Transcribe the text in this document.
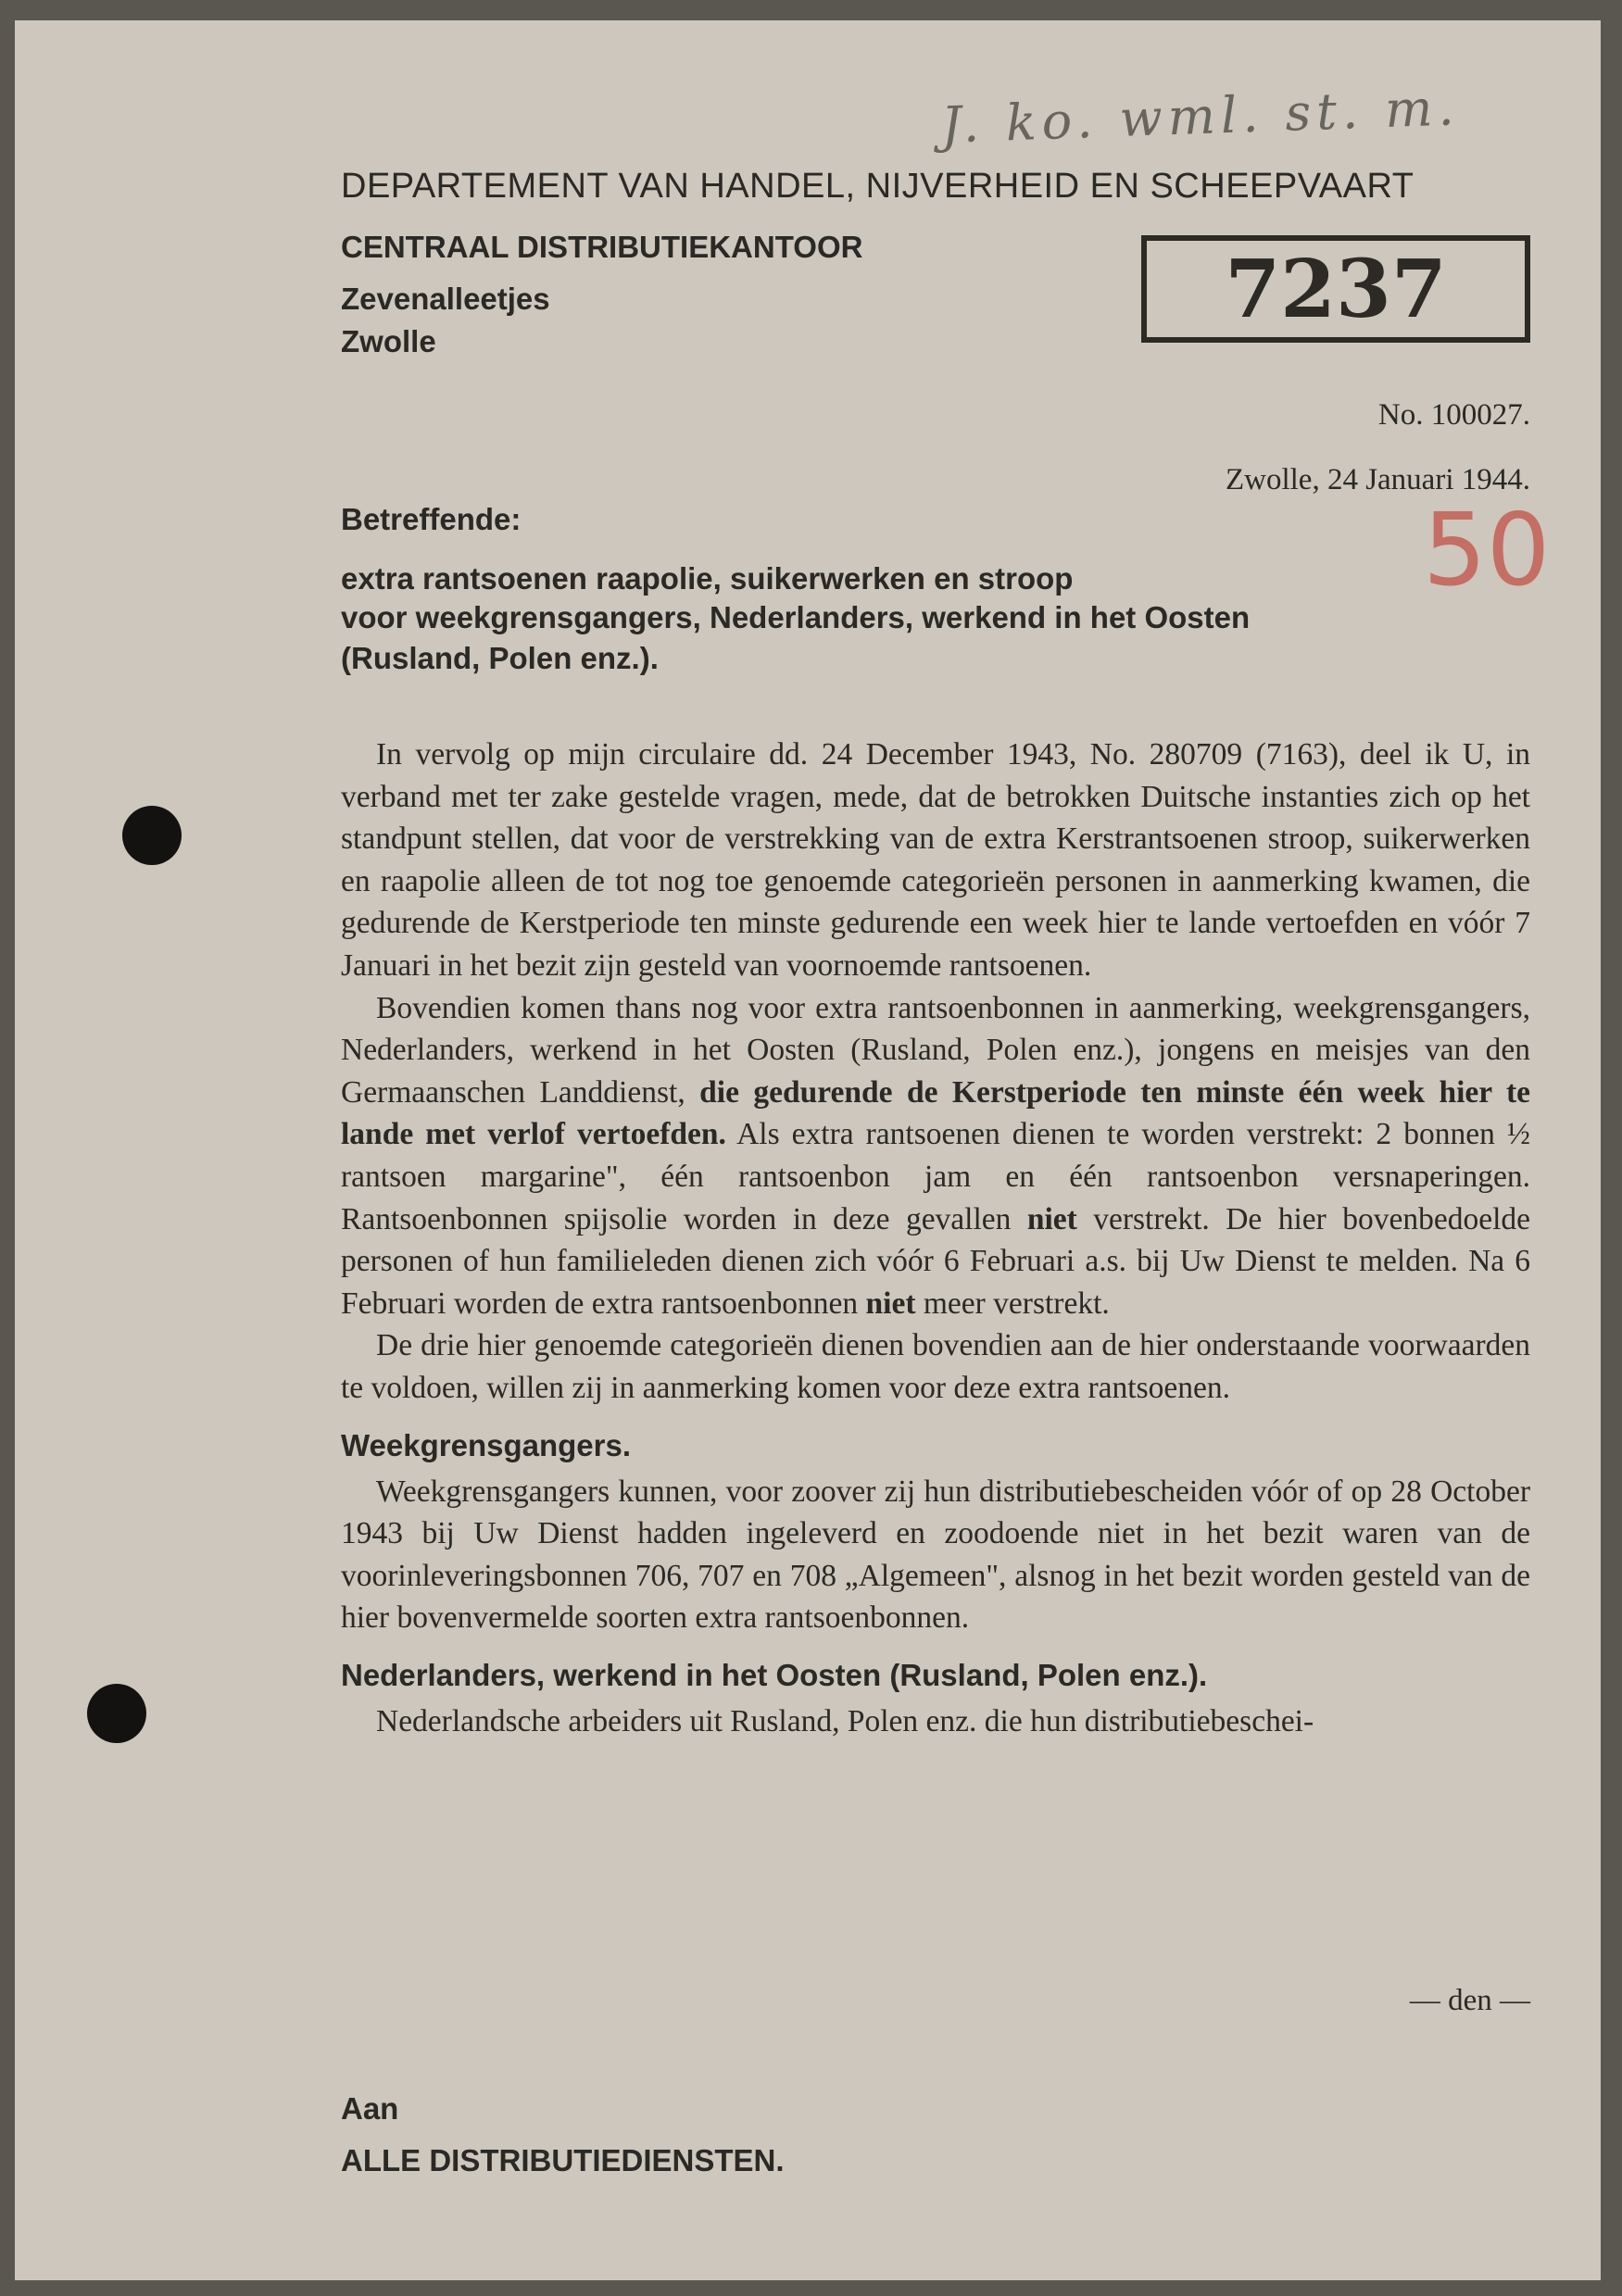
J. ko. wml. st. m.
DEPARTEMENT VAN HANDEL, NIJVERHEID EN SCHEEPVAART
CENTRAAL DISTRIBUTIEKANTOOR
Zevenalleetjes
Zwolle
7237
No. 100027.
Zwolle, 24 Januari 1944.
50
Betreffende:
extra rantsoenen raapolie, suikerwerken en stroop
voor weekgrensgangers, Nederlanders, werkend in het Oosten
(Rusland, Polen enz.).

In vervolg op mijn circulaire dd. 24 December 1943, No. 280709 (7163), deel ik U, in verband met ter zake gestelde vragen, mede, dat de betrokken Duitsche instanties zich op het standpunt stellen, dat voor de verstrekking van de extra Kerstrantsoenen stroop, suikerwerken en raapolie alleen de tot nog toe genoemde categorieën personen in aanmerking kwamen, die gedurende de Kerstperiode ten minste gedurende een week hier te lande vertoefden en vóór 7 Januari in het bezit zijn gesteld van voornoemde rantsoenen.

Bovendien komen thans nog voor extra rantsoenbonnen in aanmerking, weekgrensgangers, Nederlanders, werkend in het Oosten (Rusland, Polen enz.), jongens en meisjes van den Germaanschen Landdienst, die gedurende de Kerstperiode ten minste één week hier te lande met verlof vertoefden. Als extra rantsoenen dienen te worden verstrekt: 2 bonnen ½ rantsoen margarine", één rantsoenbon jam en één rantsoenbon versnaperingen. Rantsoenbonnen spijsolie worden in deze gevallen niet verstrekt. De hier bovenbedoelde personen of hun familieleden dienen zich vóór 6 Februari a.s. bij Uw Dienst te melden. Na 6 Februari worden de extra rantsoenbonnen niet meer verstrekt.

De drie hier genoemde categorieën dienen bovendien aan de hier onderstaande voorwaarden te voldoen, willen zij in aanmerking komen voor deze extra rantsoenen.

Weekgrensgangers.

Weekgrensgangers kunnen, voor zoover zij hun distributiebescheiden vóór of op 28 October 1943 bij Uw Dienst hadden ingeleverd en zoodoende niet in het bezit waren van de voorinleveringsbonnen 706, 707 en 708 „Algemeen", alsnog in het bezit worden gesteld van de hier bovenvermelde soorten extra rantsoenbonnen.

Nederlanders, werkend in het Oosten (Rusland, Polen enz.).

Nederlandsche arbeiders uit Rusland, Polen enz. die hun distributiebeschei-

— den —
Aan
ALLE DISTRIBUTIEDIENSTEN.
